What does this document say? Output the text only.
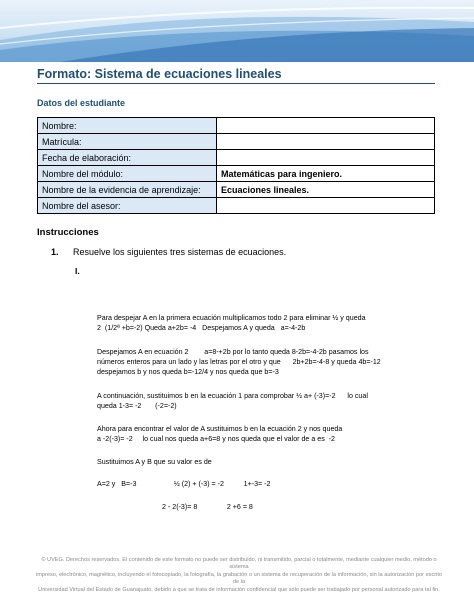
Formato: Sistema de ecuaciones lineales
Datos del estudiante
Nombre:	
Matrícula:	
Fecha de elaboración:	
Nombre del módulo:	Matemáticas para ingeniero.
Nombre de la evidencia de aprendizaje:	Ecuaciones lineales.
Nombre del asesor:	
Instrucciones
1. Resuelve los siguientes tres sistemas de ecuaciones.
I.
Para despejar A en la primera ecuación multiplicamos todo 2 para eliminar ½ y queda
2  (1/2ª +b=-2) Queda a+2b= -4   Despejamos A y queda   a=-4-2b
Despejamos A en ecuación 2        a=8-+2b por lo tanto queda 8-2b=-4-2b pasamos los
números enteros para un lado y las letras por el otro y que      2b+2b=-4-8 y queda 4b=-12
despejamos b y nos queda b=-12/4 y nos queda que b=-3
A continuación, sustituimos b en la ecuación 1 para comprobar ½ a+ (-3)=-2      lo cual
queda 1-3= -2       (-2=-2)
Ahora para encontrar el valor de A sustituimos b en la ecuación 2 y nos queda
a -2(-3)= -2     lo cual nos queda a+6=8 y nos queda que el valor de a es  -2
Sustituimos A y B que su valor es de
A=2 y   B=-3                   ½ (2) + (-3) = -2          1+-3= -2
2 - 2(-3)= 8               2 +6 = 8
© UVEG. Derechos reservados. El contenido de este formato no puede ser distribuido, ni transmitido, parcial o totalmente, mediante cualquier medio, método o sistema
impreso, electrónico, magnético, incluyendo el fotocopiado, la fotografía, la grabación o un sistema de recuperación de la información, sin la autorización por escrito de la
Universidad Virtual del Estado de Guanajuato, debido a que se trata de información confidencial que sólo puede ser trabajado por personal autorizado para tal fin.
